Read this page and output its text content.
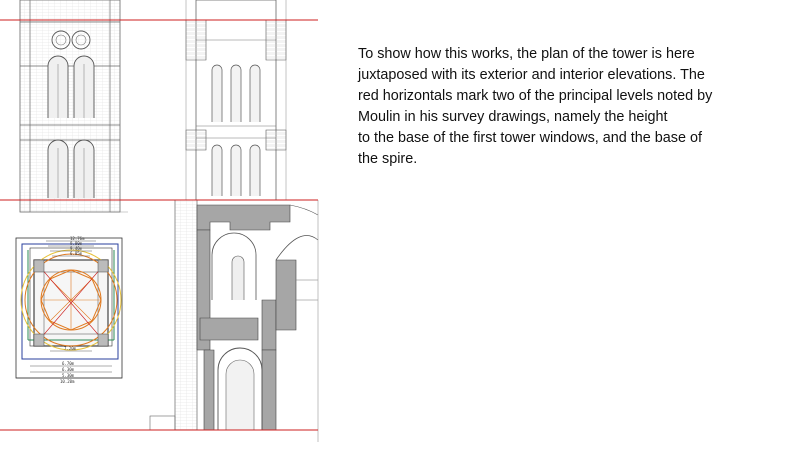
12.76m
9.80m
9.40m
6.85m
7.20m
6.70m
6.30m
5.30m
10.20m

To show how this works, the plan of the tower is here
juxtaposed with its exterior and interior elevations. The
red horizontals mark two of the principal levels noted by
Moulin in his survey drawings, namely the height
to the base of the first tower windows, and the base of
the spire.
